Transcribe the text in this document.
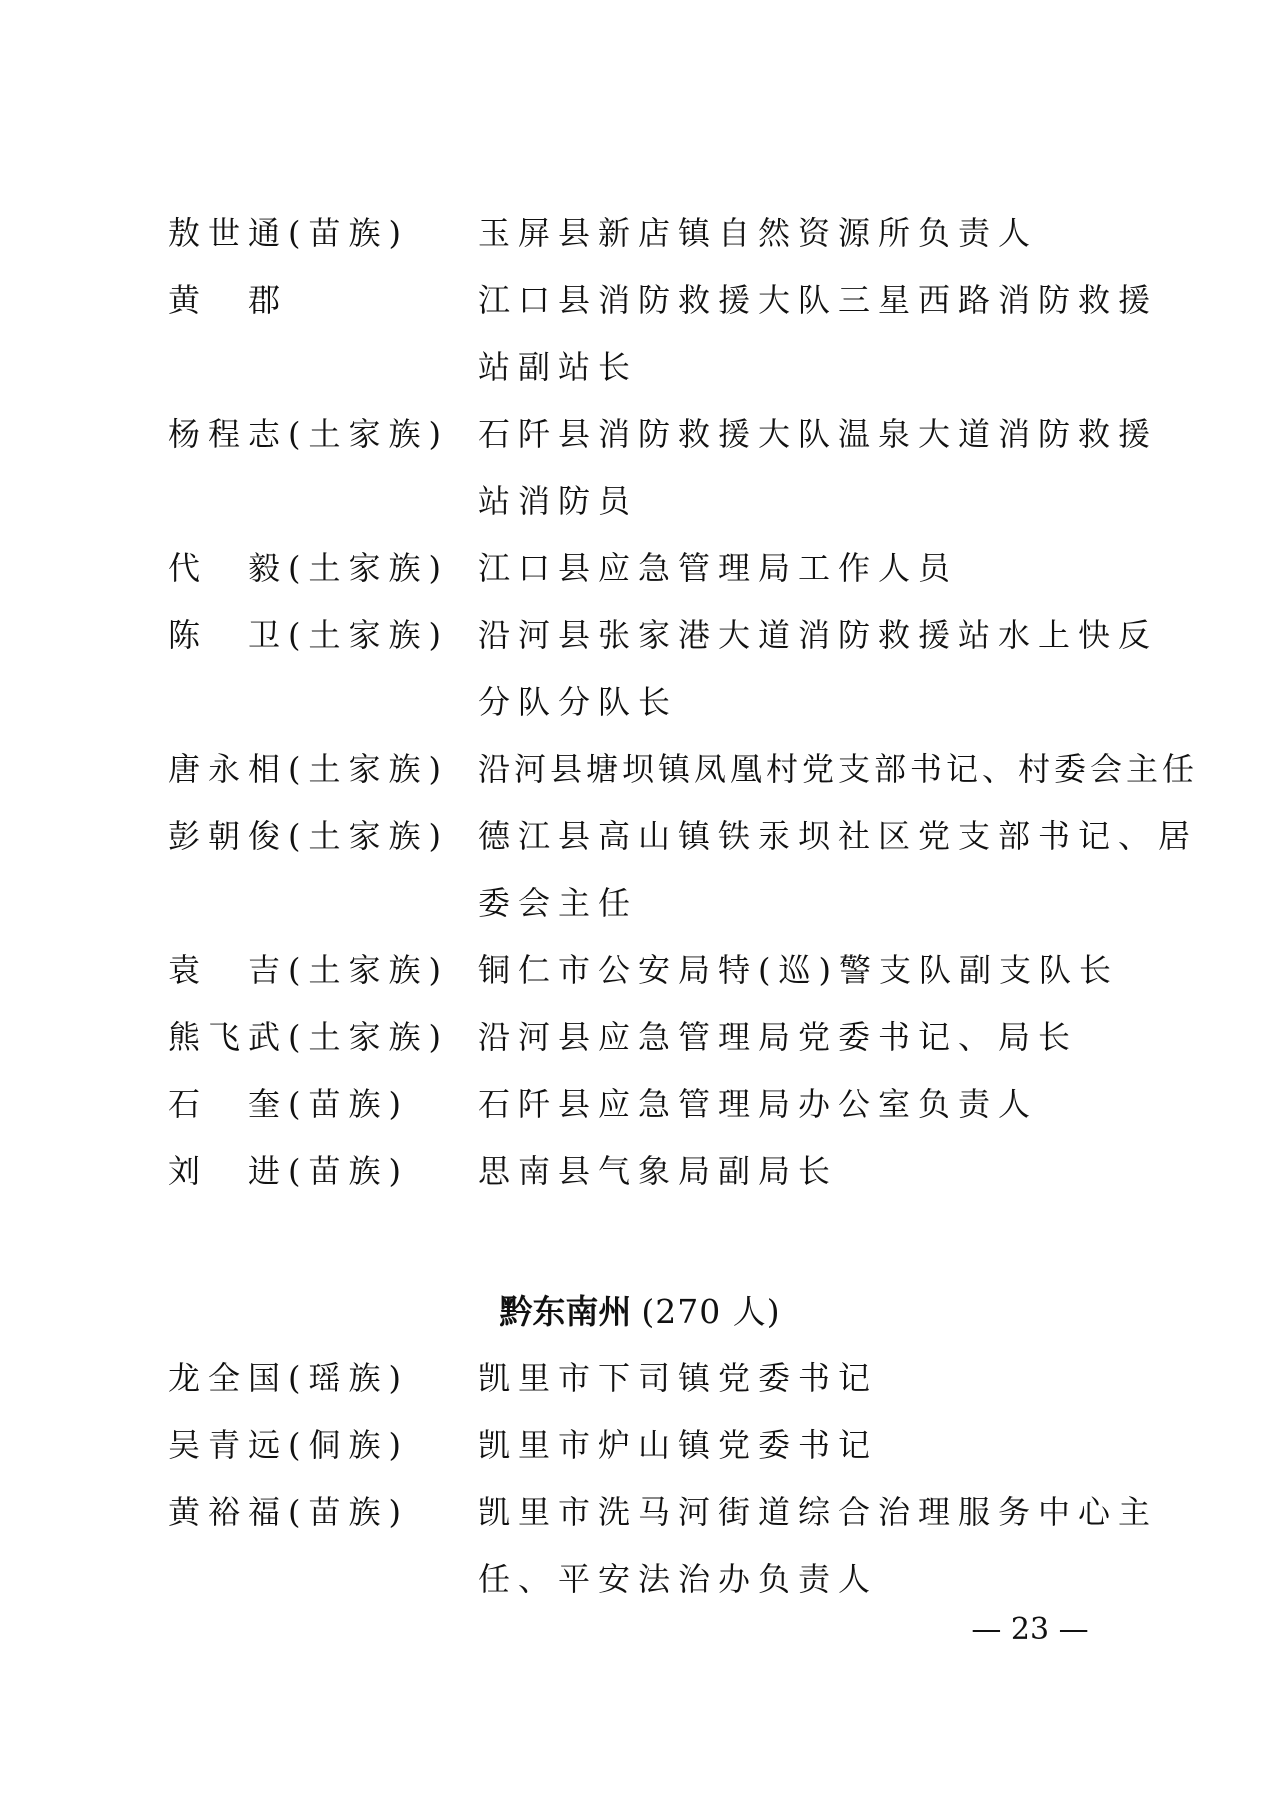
黔东南州 (270 人)
— 23 —
敖世通(苗族)	玉屏县新店镇自然资源所负责人
黄　郡	江口县消防救援大队三星西路消防救援
站副站长
杨程志(土家族) 石阡县消防救援大队温泉大道消防救援
站消防员
代　毅(土家族) 江口县应急管理局工作人员
陈　卫(土家族) 沿河县张家港大道消防救援站水上快反
分队分队长
唐永相(土家族) 沿河县塘坝镇凤凰村党支部书记、村委会主任
彭朝俊(土家族) 德江县高山镇铁汞坝社区党支部书记、居
委会主任
袁　吉(土家族) 铜仁市公安局特(巡)警支队副支队长
熊飞武(土家族) 沿河县应急管理局党委书记、局长
石　奎(苗族)	石阡县应急管理局办公室负责人
刘　进(苗族)	思南县气象局副局长
龙全国(瑶族)	凯里市下司镇党委书记
吴青远(侗族)	凯里市炉山镇党委书记
黄裕福(苗族)	凯里市洗马河街道综合治理服务中心主
任、平安法治办负责人
